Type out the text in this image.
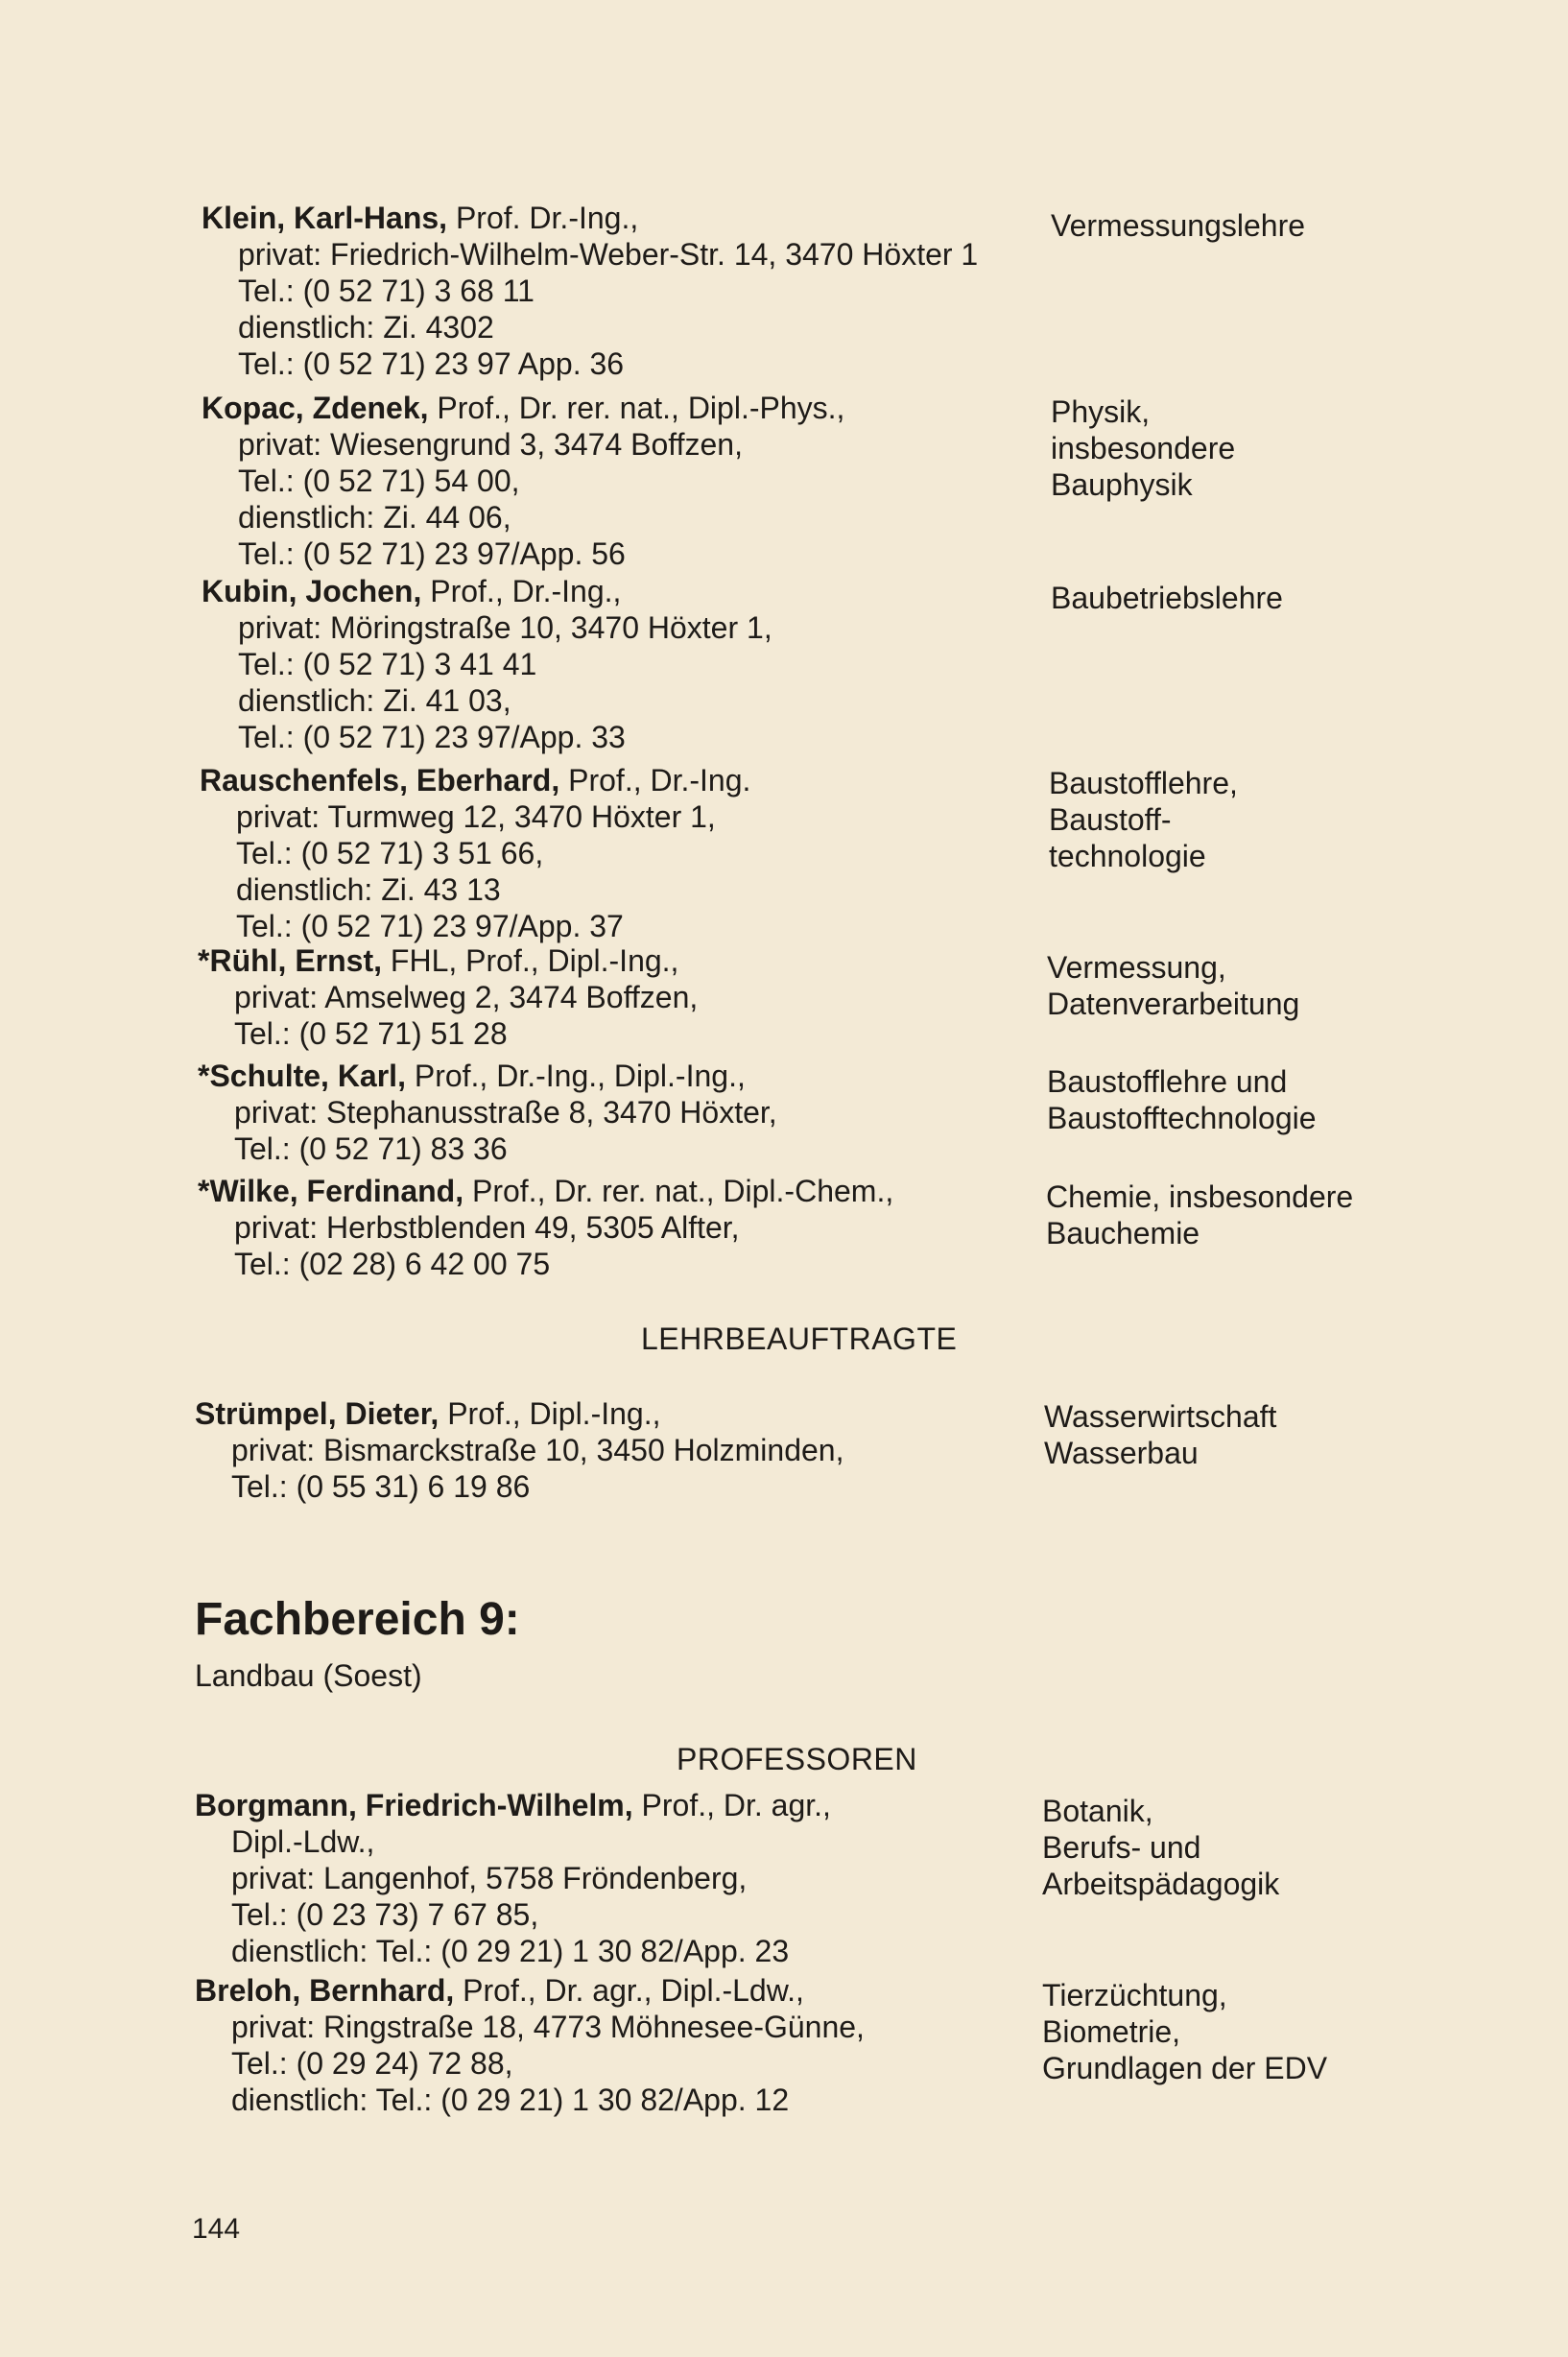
Klein, Karl-Hans, Prof. Dr.-Ing.,
privat: Friedrich-Wilhelm-Weber-Str. 14, 3470 Höxter 1
Tel.: (0 52 71) 3 68 11
dienstlich: Zi. 4302
Tel.: (0 52 71) 23 97 App. 36
Vermessungslehre
Kopac, Zdenek, Prof., Dr. rer. nat., Dipl.-Phys.,
privat: Wiesengrund 3, 3474 Boffzen,
Tel.: (0 52 71) 54 00,
dienstlich: Zi. 44 06,
Tel.: (0 52 71) 23 97/App. 56
Physik,
insbesondere
Bauphysik
Kubin, Jochen, Prof., Dr.-Ing.,
privat: Möringstraße 10, 3470 Höxter 1,
Tel.: (0 52 71) 3 41 41
dienstlich: Zi. 41 03,
Tel.: (0 52 71) 23 97/App. 33
Baubetriebslehre
Rauschenfels, Eberhard, Prof., Dr.-Ing.
privat: Turmweg 12, 3470 Höxter 1,
Tel.: (0 52 71) 3 51 66,
dienstlich: Zi. 43 13
Tel.: (0 52 71) 23 97/App. 37
Baustofflehre,
Baustoff-
technologie
*Rühl, Ernst, FHL, Prof., Dipl.-Ing.,
privat: Amselweg 2, 3474 Boffzen,
Tel.: (0 52 71) 51 28
Vermessung,
Datenverarbeitung
*Schulte, Karl, Prof., Dr.-Ing., Dipl.-Ing.,
privat: Stephanusstraße 8, 3470 Höxter,
Tel.: (0 52 71) 83 36
Baustofflehre und
Baustofftechnologie
*Wilke, Ferdinand, Prof., Dr. rer. nat., Dipl.-Chem.,
privat: Herbstblenden 49, 5305 Alfter,
Tel.: (02 28) 6 42 00 75
Chemie, insbesondere
Bauchemie
LEHRBEAUFTRAGTE
Strümpel, Dieter, Prof., Dipl.-Ing.,
privat: Bismarckstraße 10, 3450 Holzminden,
Tel.: (0 55 31) 6 19 86
Wasserwirtschaft
Wasserbau
Fachbereich 9:
Landbau (Soest)
PROFESSOREN
Borgmann, Friedrich-Wilhelm, Prof., Dr. agr.,
Dipl.-Ldw.,
privat: Langenhof, 5758 Fröndenberg,
Tel.: (0 23 73) 7 67 85,
dienstlich: Tel.: (0 29 21) 1 30 82/App. 23
Botanik,
Berufs- und
Arbeitspädagogik
Breloh, Bernhard, Prof., Dr. agr., Dipl.-Ldw.,
privat: Ringstraße 18, 4773 Möhnesee-Günne,
Tel.: (0 29 24) 72 88,
dienstlich: Tel.: (0 29 21) 1 30 82/App. 12
Tierzüchtung,
Biometrie,
Grundlagen der EDV
144
